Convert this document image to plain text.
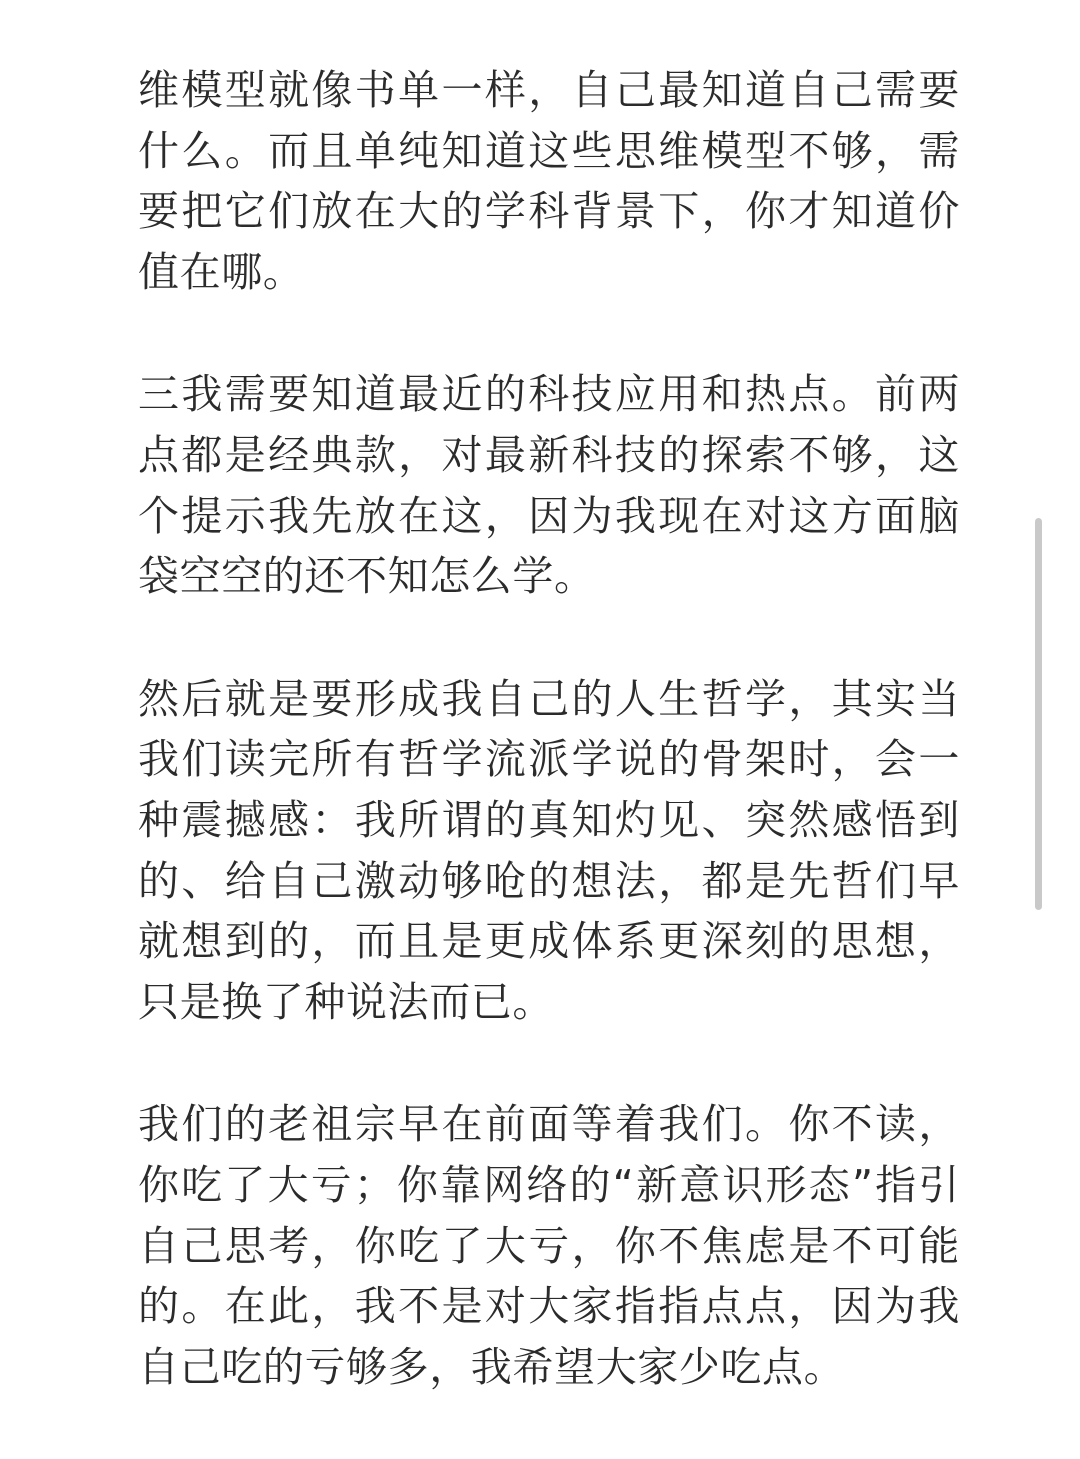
维模型就像书单一样，自己最知道自己需要什么。而且单纯知道这些思维模型不够，需要把它们放在大的学科背景下，你才知道价值在哪。

三我需要知道最近的科技应用和热点。前两点都是经典款，对最新科技的探索不够，这个提示我先放在这，因为我现在对这方面脑袋空空的还不知怎么学。

然后就是要形成我自己的人生哲学，其实当我们读完所有哲学流派学说的骨架时，会一种震撼感：我所谓的真知灼见、突然感悟到的、给自己激动够呛的想法，都是先哲们早就想到的，而且是更成体系更深刻的思想，只是换了种说法而已。

我们的老祖宗早在前面等着我们。你不读，你吃了大亏；你靠网络的“新意识形态”指引自己思考，你吃了大亏，你不焦虑是不可能的。在此，我不是对大家指指点点，因为我自己吃的亏够多，我希望大家少吃点。
